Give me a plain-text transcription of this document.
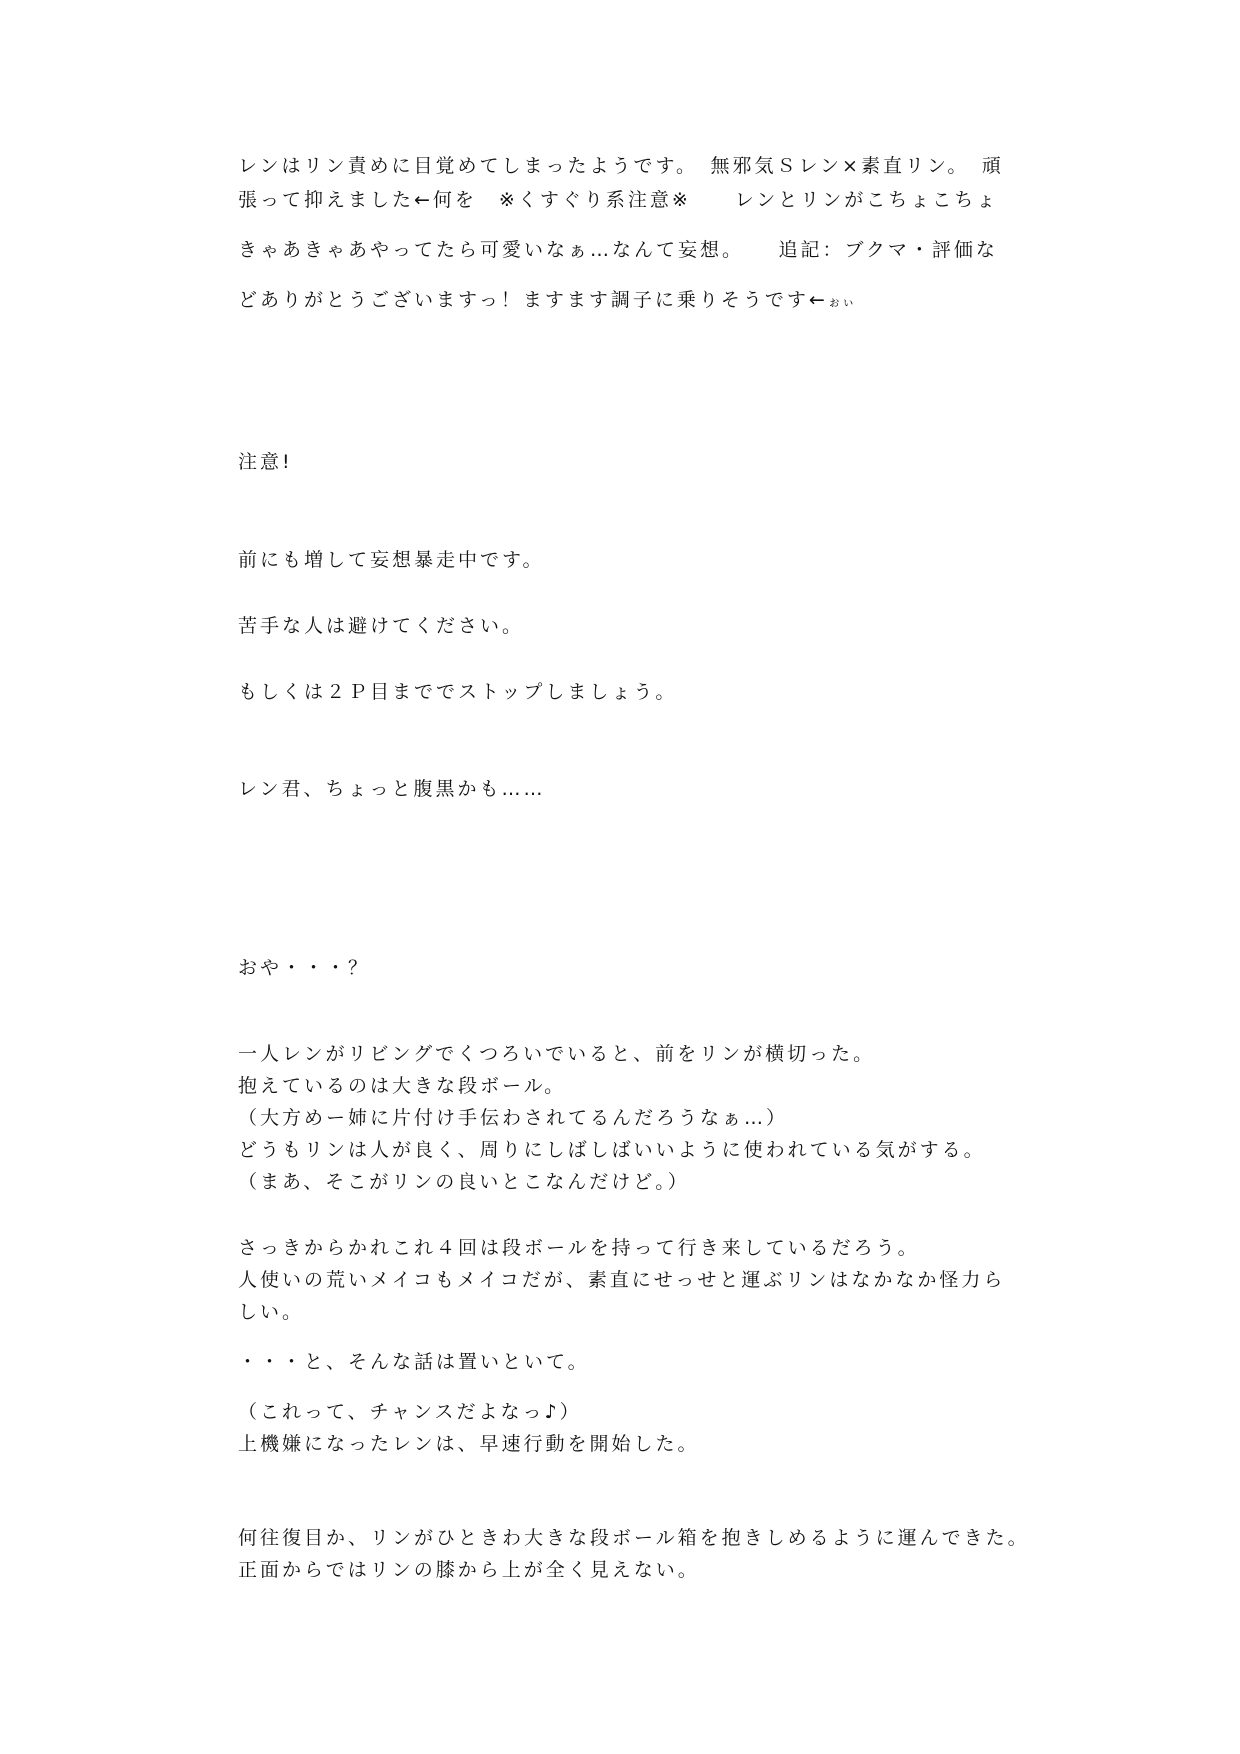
レンはリン責めに目覚めてしまったようです。　無邪気Ｓレン×素直リン。　頑
張って抑えました←何を　※くすぐり系注意※　　レンとリンがこちょこちょ
きゃあきゃあやってたら可愛いなぁ…なんて妄想。　　追記：ブクマ・評価な
どありがとうございますっ！ますます調子に乗りそうです←ぉぃ
注意!
前にも増して妄想暴走中です。
苦手な人は避けてください。
もしくは２Ｐ目まででストップしましょう。
レン君、ちょっと腹黒かも……
おや・・・？
一人レンがリビングでくつろいでいると、前をリンが横切った。
抱えているのは大きな段ボール。
（大方めー姉に片付け手伝わされてるんだろうなぁ…）
どうもリンは人が良く、周りにしばしばいいように使われている気がする。
（まあ、そこがリンの良いとこなんだけど。）
さっきからかれこれ４回は段ボールを持って行き来しているだろう。
人使いの荒いメイコもメイコだが、素直にせっせと運ぶリンはなかなか怪力ら
しい。
・・・と、そんな話は置いといて。
（これって、チャンスだよなっ♪）
上機嫌になったレンは、早速行動を開始した。
何往復目か、リンがひときわ大きな段ボール箱を抱きしめるように運んできた。
正面からではリンの膝から上が全く見えない。
